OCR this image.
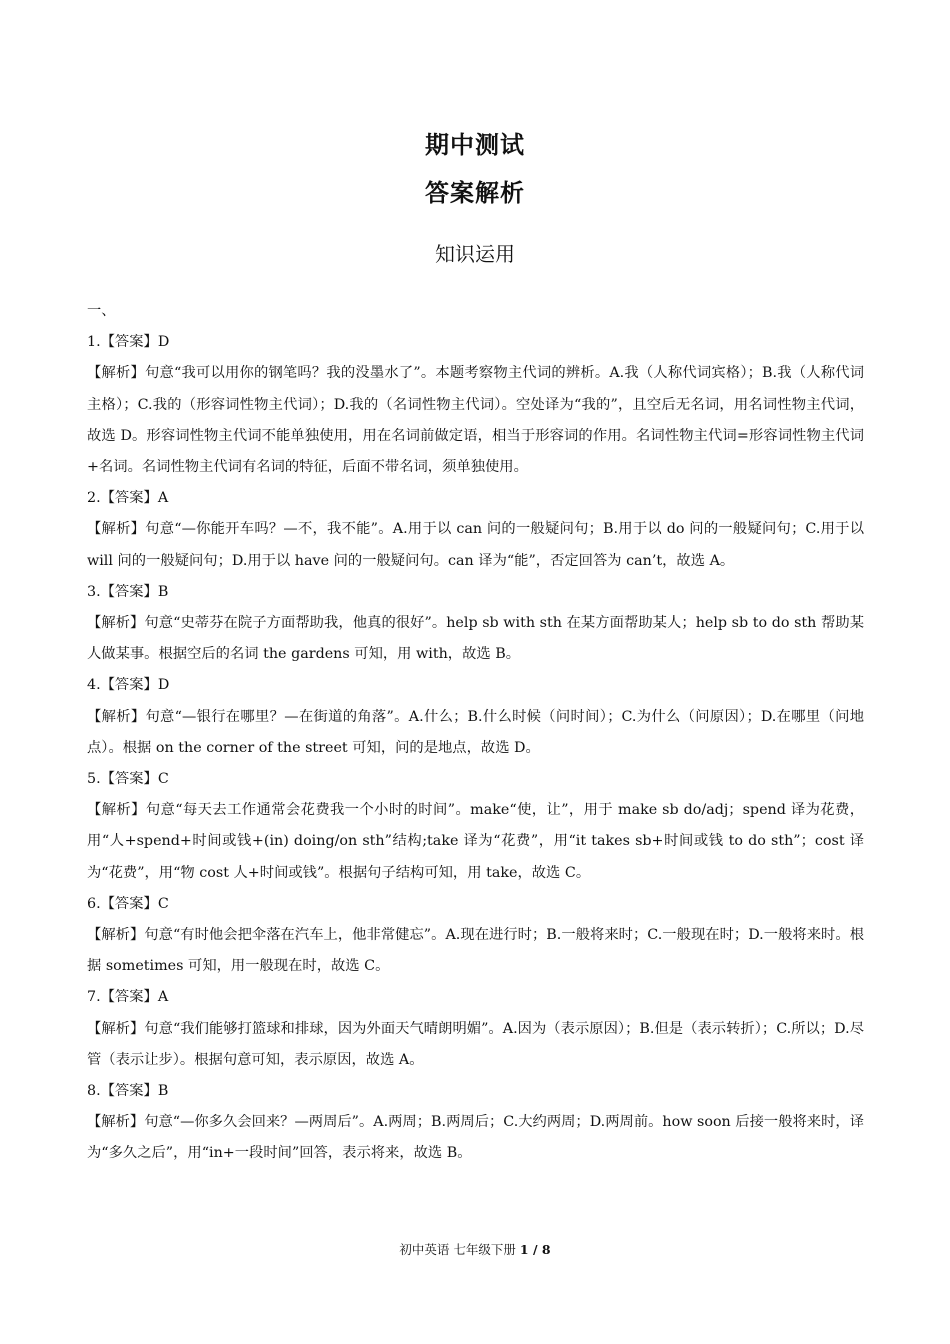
期中测试
答案解析
知识运用

一、

1.【答案】D

【解析】句意“我可以用你的钢笔吗？我的没墨水了”。本题考察物主代词的辨析。A.我（人称代词宾格）；B.我（人称代词主格）；C.我的（形容词性物主代词）；D.我的（名词性物主代词）。空处译为“我的”，且空后无名词，用名词性物主代词，故选 D。形容词性物主代词不能单独使用，用在名词前做定语，相当于形容词的作用。名词性物主代词=形容词性物主代词+名词。名词性物主代词有名词的特征，后面不带名词，须单独使用。

2.【答案】A

【解析】句意“—你能开车吗？—不，我不能”。A.用于以 can 问的一般疑问句；B.用于以 do 问的一般疑问句；C.用于以 will 问的一般疑问句；D.用于以 have 问的一般疑问句。can 译为“能”，否定回答为 can’t，故选 A。

3.【答案】B

【解析】句意“史蒂芬在院子方面帮助我，他真的很好”。help sb with sth 在某方面帮助某人；help sb to do sth 帮助某人做某事。根据空后的名词 the gardens 可知，用 with，故选 B。

4.【答案】D

【解析】句意“—银行在哪里？—在街道的角落”。A.什么；B.什么时候（问时间）；C.为什么（问原因）；D.在哪里（问地点）。根据 on the corner of the street 可知，问的是地点，故选 D。

5.【答案】C

【解析】句意“每天去工作通常会花费我一个小时的时间”。make“使，让”，用于 make sb do/adj；spend 译为花费，用“人+spend+时间或钱+(in) doing/on sth”结构;take 译为“花费”，用“it takes sb+时间或钱 to do sth”；cost 译为“花费”，用“物 cost 人+时间或钱”。根据句子结构可知，用 take，故选 C。

6.【答案】C

【解析】句意“有时他会把伞落在汽车上，他非常健忘”。A.现在进行时；B.一般将来时；C.一般现在时；D.一般将来时。根据 sometimes 可知，用一般现在时，故选 C。

7.【答案】A

【解析】句意“我们能够打篮球和排球，因为外面天气晴朗明媚”。A.因为（表示原因）；B.但是（表示转折）；C.所以；D.尽管（表示让步）。根据句意可知，表示原因，故选 A。

8.【答案】B

【解析】句意“—你多久会回来？—两周后”。A.两周；B.两周后；C.大约两周；D.两周前。how soon 后接一般将来时，译为“多久之后”，用“in+一段时间”回答，表示将来，故选 B。

初中英语 七年级下册 1 / 8
